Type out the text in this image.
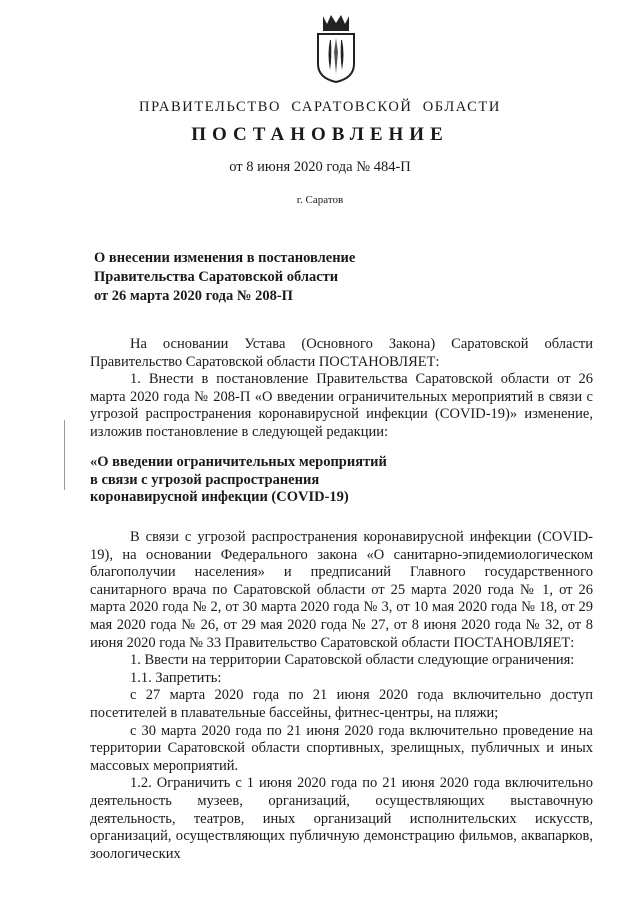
ПРАВИТЕЛЬСТВО САРАТОВСКОЙ ОБЛАСТИ
ПОСТАНОВЛЕНИЕ
от 8 июня 2020 года № 484-П
г. Саратов
О внесении изменения в постановление
Правительства Саратовской области
от 26 марта 2020 года № 208-П

На основании Устава (Основного Закона) Саратовской области Правительство Саратовской области ПОСТАНОВЛЯЕТ:

1. Внести в постановление Правительства Саратовской области от 26 марта 2020 года № 208-П «О введении ограничительных мероприятий в связи с угрозой распространения коронавирусной инфекции (COVID-19)» изменение, изложив постановление в следующей редакции:

«О введении ограничительных мероприятий
в связи с угрозой распространения
коронавирусной инфекции (COVID-19)

В связи с угрозой распространения коронавирусной инфекции (COVID-19), на основании Федерального закона «О санитарно-эпидемиологическом благополучии населения» и предписаний Главного государственного санитарного врача по Саратовской области от 25 марта 2020 года № 1, от 26 марта 2020 года № 2, от 30 марта 2020 года № 3, от 10 мая 2020 года № 18, от 29 мая 2020 года № 26, от 29 мая 2020 года № 27, от 8 июня 2020 года № 32, от 8 июня 2020 года № 33 Правительство Саратовской области ПОСТАНОВЛЯЕТ:

1. Ввести на территории Саратовской области следующие ограничения:

1.1. Запретить:

с 27 марта 2020 года по 21 июня 2020 года включительно доступ посетителей в плавательные бассейны, фитнес-центры, на пляжи;

с 30 марта 2020 года по 21 июня 2020 года включительно проведение на территории Саратовской области спортивных, зрелищных, публичных и иных массовых мероприятий.

1.2. Ограничить с 1 июня 2020 года по 21 июня 2020 года включительно деятельность музеев, организаций, осуществляющих выставочную деятельность, театров, иных организаций исполнительских искусств, организаций, осуществляющих публичную демонстрацию фильмов, аквапарков, зоологических
